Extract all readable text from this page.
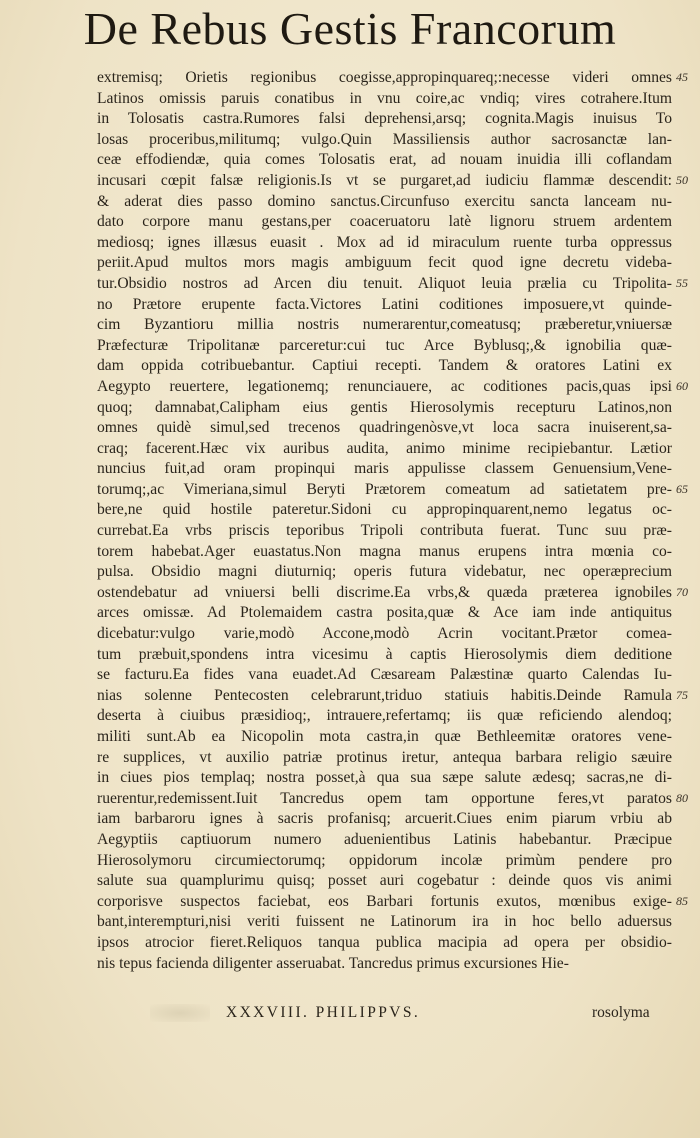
De Rebus Gestis Francorum
extremisq; Orietis regionibus coegisse,appropinquareq;:necesse videri omnes
Latinos omissis paruis conatibus in vnu coire,ac vndiq; vires cotrahere.Itum
in Tolosatis castra.Rumores falsi deprehensi,arsq; cognita.Magis inuisus To
losas proceribus,militumq; vulgo.Quin Massiliensis author sacrosanctæ lan-
ceæ effodiendæ, quia comes Tolosatis erat, ad nouam inuidia illi coflandam
incusari cœpit falsæ religionis.Is vt se purgaret,ad iudiciu flammæ descendit:
& aderat dies passo domino sanctus.Circunfuso exercitu sancta lanceam nu-
dato corpore manu gestans,per coaceruatoru latè lignoru struem ardentem
mediosq; ignes illæsus euasit . Mox ad id miraculum ruente turba oppressus
periit.Apud multos mors magis ambiguum fecit quod igne decretu videba-
tur.Obsidio nostros ad Arcen diu tenuit. Aliquot leuia prælia cu Tripolita-
no Prætore erupente facta.Victores Latini coditiones imposuere,vt quinde-
cim Byzantioru millia nostris numerarentur,comeatusq; præberetur,vniuersæ
Præfecturæ Tripolitanæ parceretur:cui tuc Arce Byblusq;,& ignobilia quæ-
dam oppida cotribuebantur. Captiui recepti. Tandem & oratores Latini ex
Aegypto reuertere, legationemq; renunciauere, ac coditiones pacis,quas ipsi
quoq; damnabat,Calipham eius gentis Hierosolymis recepturu Latinos,non
omnes quidè simul,sed trecenos quadringenòsve,vt loca sacra inuiserent,sa-
craq; facerent.Hæc vix auribus audita, animo minime recipiebantur. Lætior
nuncius fuit,ad oram propinqui maris appulisse classem Genuensium,Vene-
torumq;,ac Vimeriana,simul Beryti Prætorem comeatum ad satietatem pre-
bere,ne quid hostile pateretur.Sidoni cu appropinquarent,nemo legatus oc-
currebat.Ea vrbs priscis teporibus Tripoli contributa fuerat. Tunc suu præ-
torem habebat.Ager euastatus.Non magna manus erupens intra mœnia co-
pulsa. Obsidio magni diuturniq; operis futura videbatur, nec operæprecium
ostendebatur ad vniuersi belli discrime.Ea vrbs,& quæda præterea ignobiles
arces omissæ. Ad Ptolemaidem castra posita,quæ & Ace iam inde antiquitus
dicebatur:vulgo varie,modò Accone,modò Acrin vocitant.Prætor comea-
tum præbuit,spondens intra vicesimu à captis Hierosolymis diem deditione
se facturu.Ea fides vana euadet.Ad Cæsaream Palæstinæ quarto Calendas Iu-
nias solenne Pentecosten celebrarunt,triduo statiuis habitis.Deinde Ramula
deserta à ciuibus præsidioq;, intrauere,refertamq; iis quæ reficiendo alendoq;
militi sunt.Ab ea Nicopolin mota castra,in quæ Bethleemitæ oratores vene-
re supplices, vt auxilio patriæ protinus iretur, antequa barbara religio sæuire
in ciues pios templaq; nostra posset,à qua sua sæpe salute ædesq; sacras,ne di-
ruerentur,redemissent.Iuit Tancredus opem tam opportune feres,vt paratos
iam barbaroru ignes à sacris profanisq; arcuerit.Ciues enim piarum vrbiu ab
Aegyptiis captiuorum numero aduenientibus Latinis habebantur. Præcipue
Hierosolymoru circumiectorumq; oppidorum incolæ primùm pendere pro
salute sua quamplurimu quisq; posset auri cogebatur : deinde quos vis animi
corporisve suspectos faciebat, eos Barbari fortunis exutos, mœnibus exige-
bant,interempturi,nisi veriti fuissent ne Latinorum ira in hoc bello aduersus
ipsos atrocior fieret.Reliquos tanqua publica macipia ad opera per obsidio-
nis tepus facienda diligenter asseruabat. Tancredus primus excursiones Hie-
45
50
55
60
65
70
75
80
85
XXXVIII. PHILIPPVS.	rosolyma
